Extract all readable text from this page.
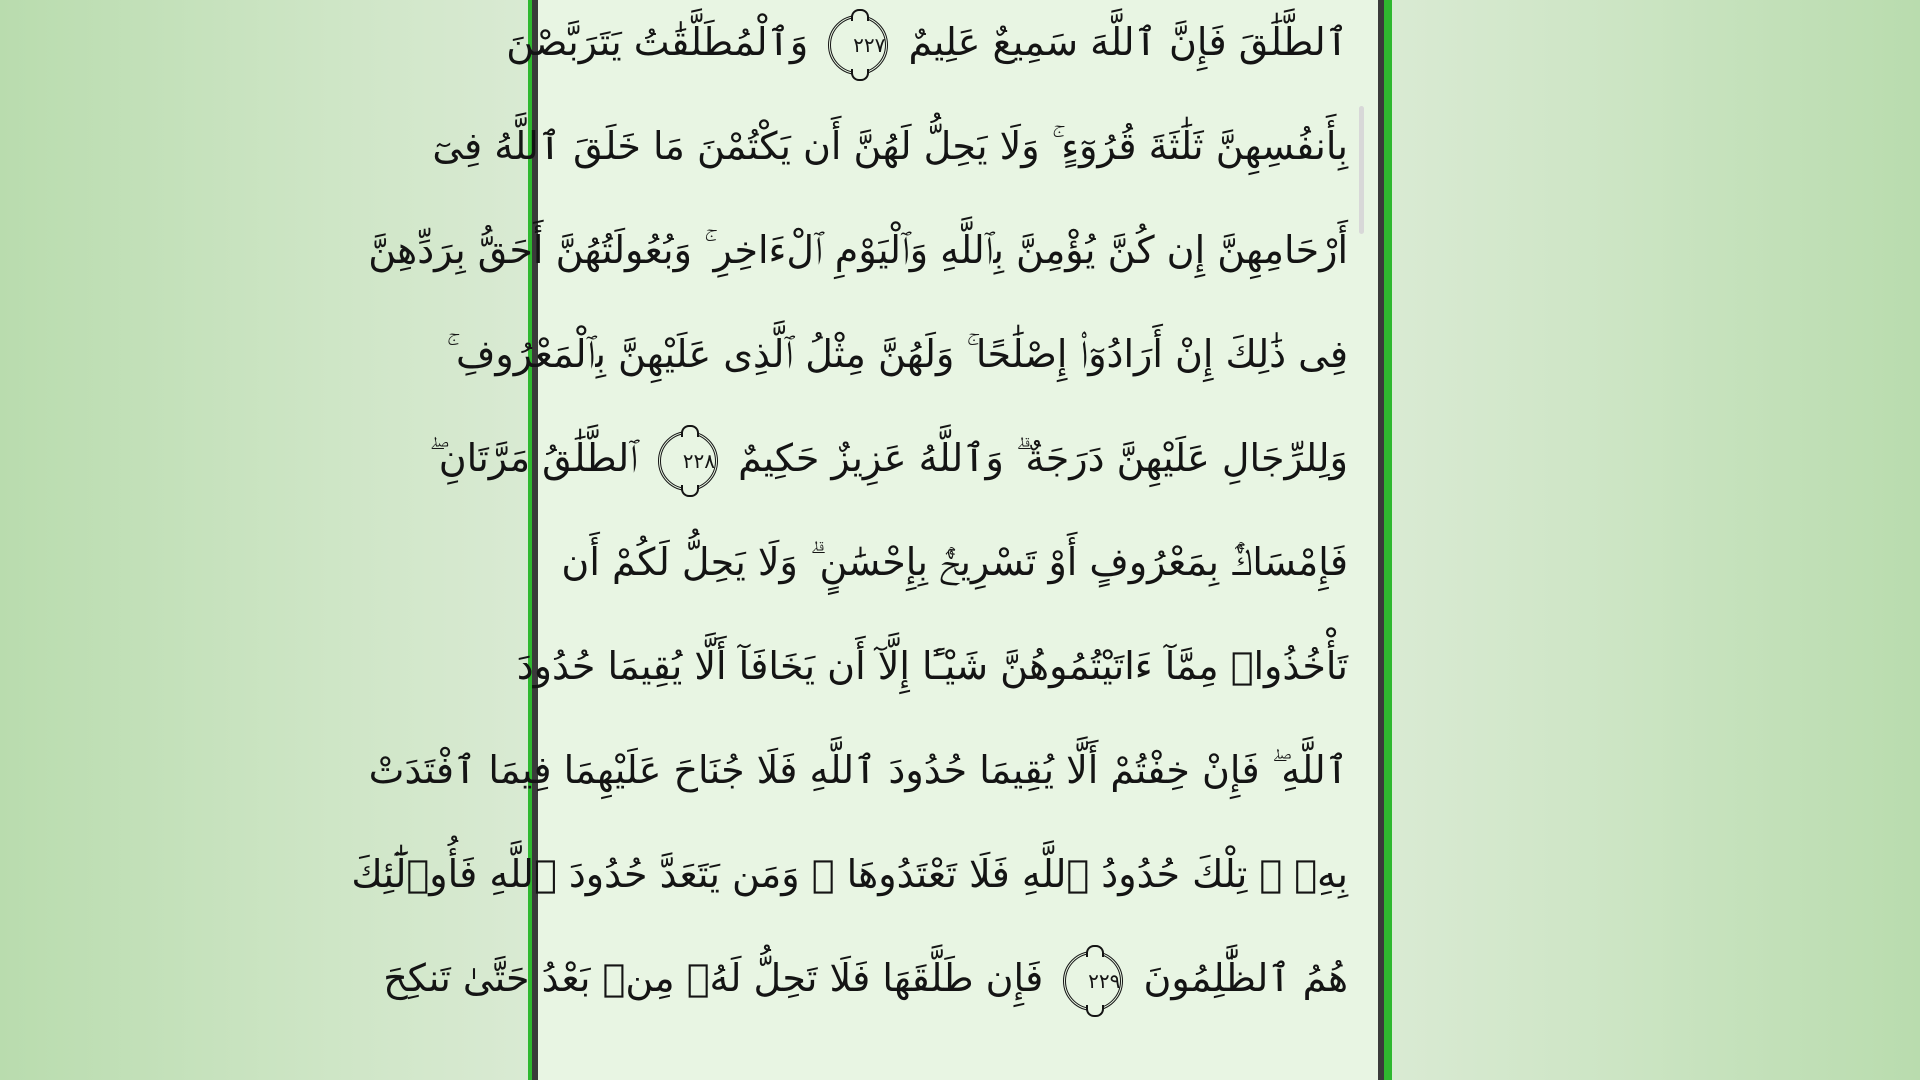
ٱلطَّلَٰقَ فَإِنَّ ٱللَّهَ سَمِيعٌ عَلِيمٌ ٢٢٧ وَٱلْمُطَلَّقَٰتُ يَتَرَبَّصْنَ
بِأَنفُسِهِنَّ ثَلَٰثَةَ قُرُوٓءٍ ۚ وَلَا يَحِلُّ لَهُنَّ أَن يَكْتُمْنَ مَا خَلَقَ ٱللَّهُ فِىٓ
أَرْحَامِهِنَّ إِن كُنَّ يُؤْمِنَّ بِٱللَّهِ وَٱلْيَوْمِ ٱلْءَاخِرِ ۚ وَبُعُولَتُهُنَّ أَحَقُّ بِرَدِّهِنَّ
فِى ذَٰلِكَ إِنْ أَرَادُوٓا۟ إِصْلَٰحًا ۚ وَلَهُنَّ مِثْلُ ٱلَّذِى عَلَيْهِنَّ بِٱلْمَعْرُوفِ ۚ
وَلِلرِّجَالِ عَلَيْهِنَّ دَرَجَةٌ ۗ وَٱللَّهُ عَزِيزٌ حَكِيمٌ ٢٢٨ ٱلطَّلَٰقُ مَرَّتَانِ ۖ
فَإِمْسَاكٌۢ بِمَعْرُوفٍ أَوْ تَسْرِيحٌۢ بِإِحْسَٰنٍ ۗ وَلَا يَحِلُّ لَكُمْ أَن
تَأْخُذُوا۟ مِمَّآ ءَاتَيْتُمُوهُنَّ شَيْـًٔا إِلَّآ أَن يَخَافَآ أَلَّا يُقِيمَا حُدُودَ
ٱللَّهِ ۖ فَإِنْ خِفْتُمْ أَلَّا يُقِيمَا حُدُودَ ٱللَّهِ فَلَا جُنَاحَ عَلَيْهِمَا فِيمَا ٱفْتَدَتْ
بِهِۦ ۗ تِلْكَ حُدُودُ ٱللَّهِ فَلَا تَعْتَدُوهَا ۚ وَمَن يَتَعَدَّ حُدُودَ ٱللَّهِ فَأُو۟لَٰٓئِكَ
هُمُ ٱلظَّٰلِمُونَ ٢٢٩ فَإِن طَلَّقَهَا فَلَا تَحِلُّ لَهُۥ مِنۢ بَعْدُ حَتَّىٰ تَنكِحَ
